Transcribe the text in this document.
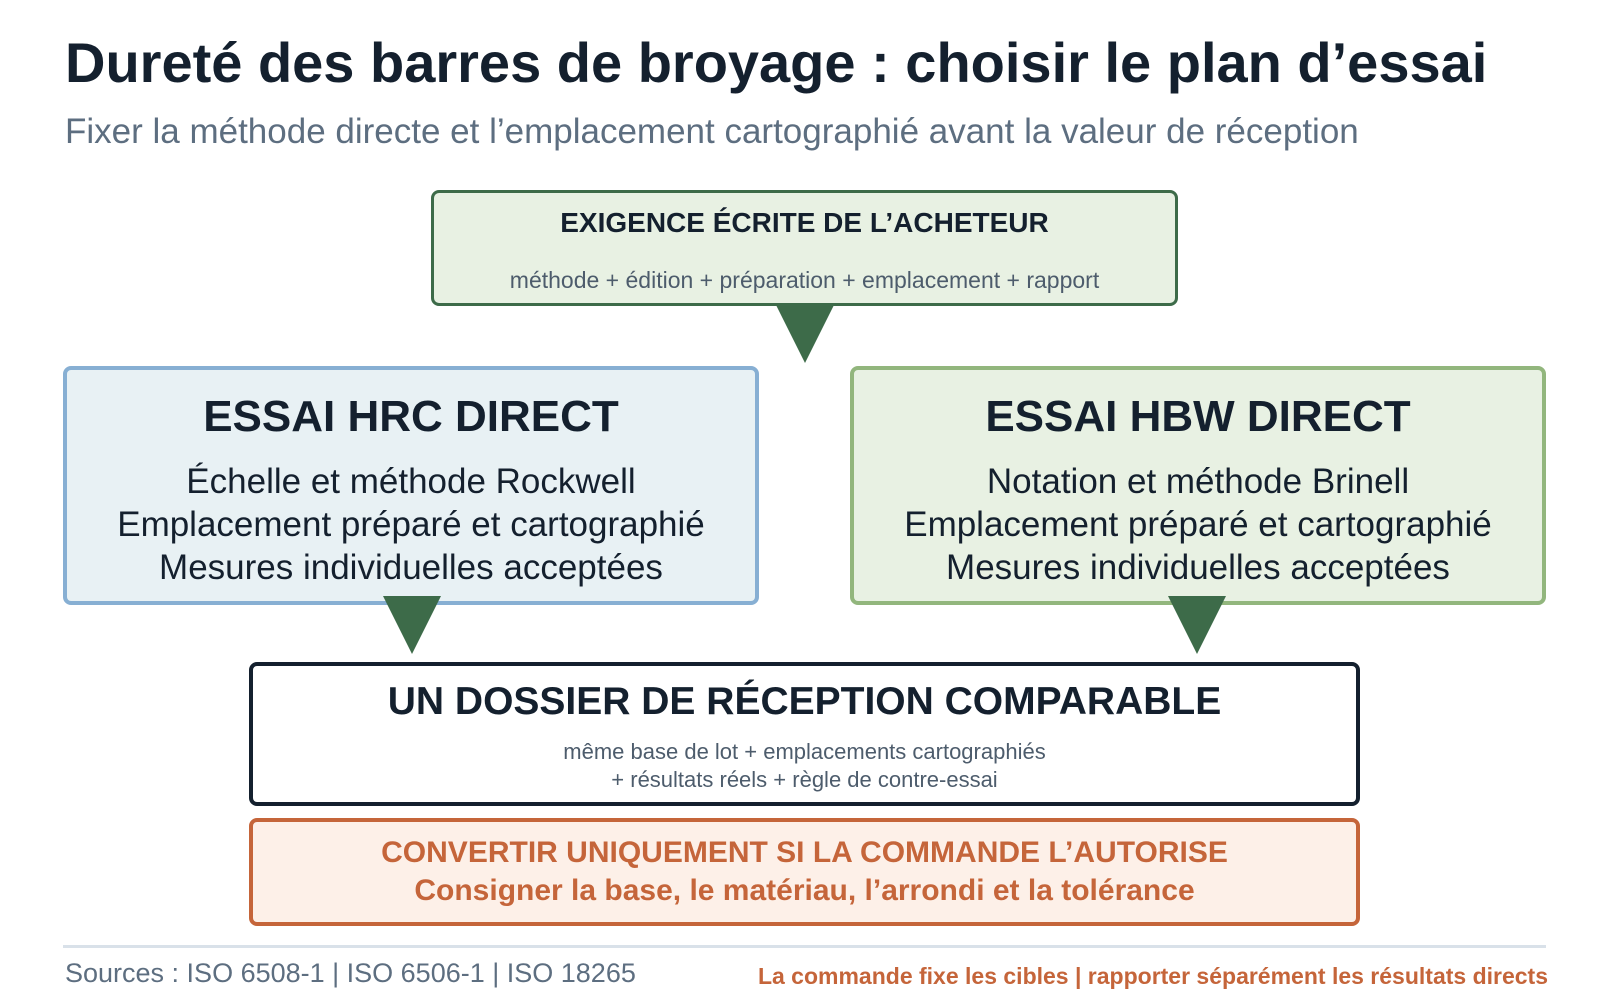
Dureté des barres de broyage : choisir le plan d’essai
Fixer la méthode directe et l’emplacement cartographié avant la valeur de réception
EXIGENCE ÉCRITE DE L’ACHETEUR
méthode + édition + préparation + emplacement + rapport
ESSAI HRC DIRECT
Échelle et méthode Rockwell
Emplacement préparé et cartographié
Mesures individuelles acceptées
ESSAI HBW DIRECT
Notation et méthode Brinell
Emplacement préparé et cartographié
Mesures individuelles acceptées
UN DOSSIER DE RÉCEPTION COMPARABLE
même base de lot + emplacements cartographiés
+ résultats réels + règle de contre-essai
CONVERTIR UNIQUEMENT SI LA COMMANDE L’AUTORISE
Consigner la base, le matériau, l’arrondi et la tolérance
Sources : ISO 6508-1 | ISO 6506-1 | ISO 18265	La commande fixe les cibles | rapporter séparément les résultats directs
